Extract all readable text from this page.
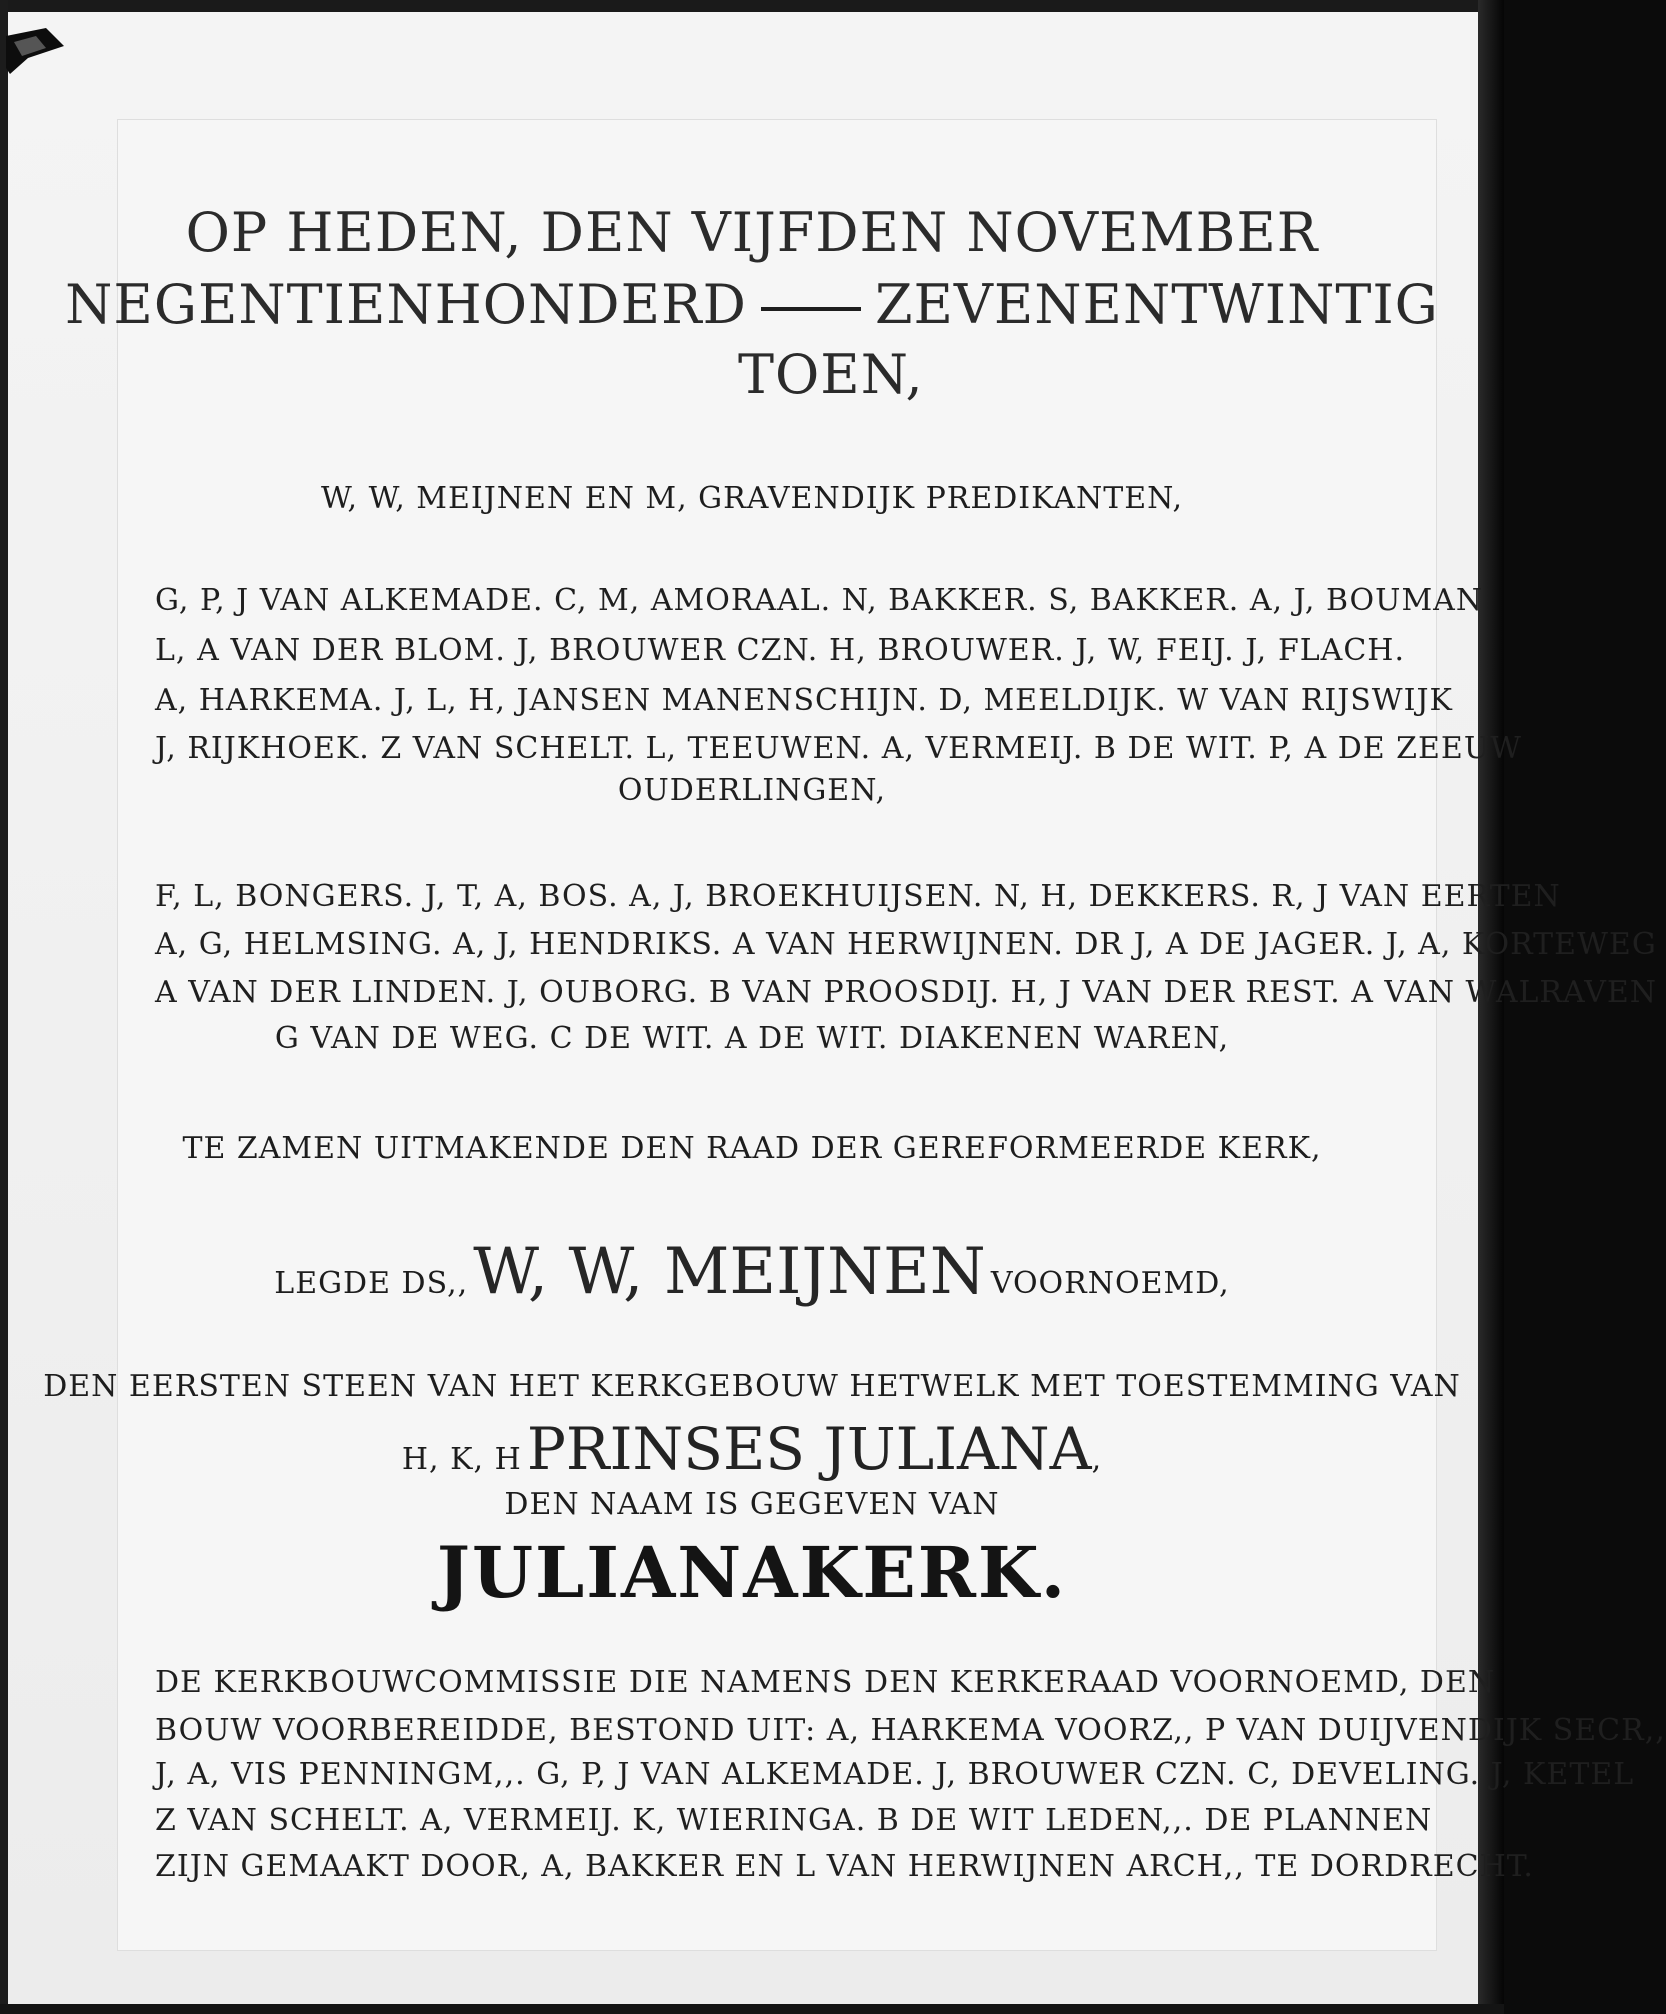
OP HEDEN, DEN VIJFDEN NOVEMBER
NEGENTIENHONDERD ZEVENENTWINTIG
TOEN,
W, W, MEIJNEN EN M, GRAVENDIJK PREDIKANTEN,
G, P, J VAN ALKEMADE. C, M, AMORAAL. N, BAKKER. S, BAKKER. A, J, BOUMAN
L, A VAN DER BLOM. J, BROUWER CZN. H, BROUWER. J, W, FEIJ. J, FLACH.
A, HARKEMA. J, L, H, JANSEN MANENSCHIJN. D, MEELDIJK. W VAN RIJSWIJK
J, RIJKHOEK. Z VAN SCHELT. L, TEEUWEN. A, VERMEIJ. B DE WIT. P, A DE ZEEUW
OUDERLINGEN,
F, L, BONGERS. J, T, A, BOS. A, J, BROEKHUIJSEN. N, H, DEKKERS. R, J VAN EERTEN
A, G, HELMSING. A, J, HENDRIKS. A VAN HERWIJNEN. DR J, A DE JAGER. J, A, KORTEWEG
A VAN DER LINDEN. J, OUBORG. B VAN PROOSDIJ. H, J VAN DER REST. A VAN WALRAVEN
G VAN DE WEG. C DE WIT. A DE WIT. DIAKENEN WAREN,
TE ZAMEN UITMAKENDE DEN RAAD DER GEREFORMEERDE KERK,
LEGDE DS,, W, W, MEIJNEN VOORNOEMD,
DEN EERSTEN STEEN VAN HET KERKGEBOUW HETWELK MET TOESTEMMING VAN
H, K, H PRINSES JULIANA,
DEN NAAM IS GEGEVEN VAN
JULIANAKERK.
DE KERKBOUWCOMMISSIE DIE NAMENS DEN KERKERAAD VOORNOEMD, DEN
BOUW VOORBEREIDDE, BESTOND UIT: A, HARKEMA VOORZ,, P VAN DUIJVENDIJK SECR,,
J, A, VIS PENNINGM,,. G, P, J VAN ALKEMADE. J, BROUWER CZN. C, DEVELING. J, KETEL
Z VAN SCHELT. A, VERMEIJ. K, WIERINGA. B DE WIT LEDEN,,. DE PLANNEN
ZIJN GEMAAKT DOOR, A, BAKKER EN L VAN HERWIJNEN ARCH,, TE DORDRECHT.
